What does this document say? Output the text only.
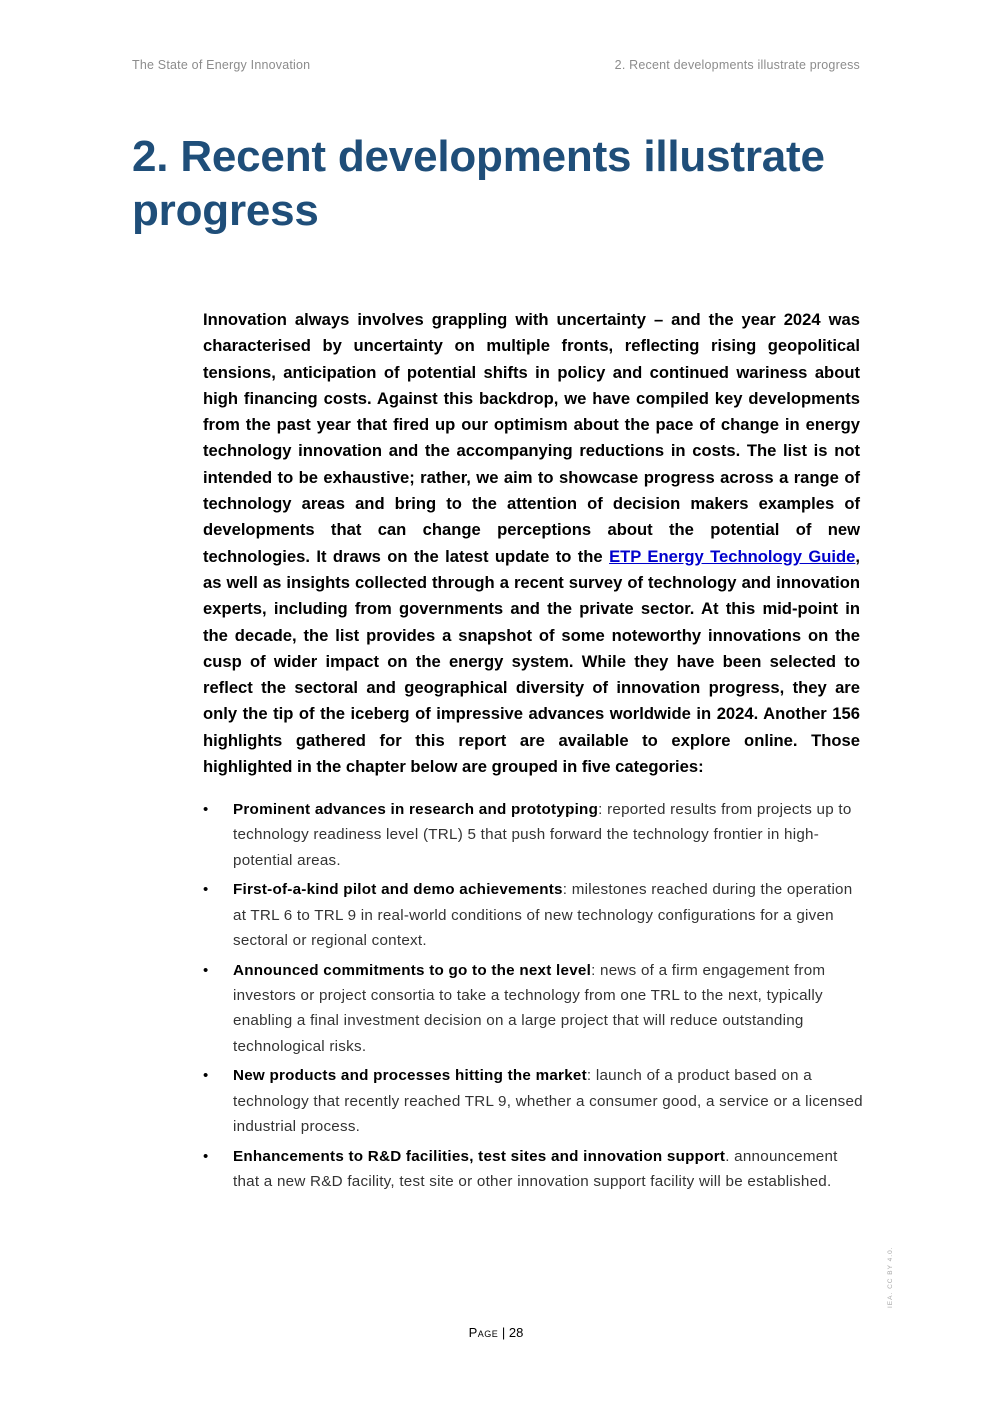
The State of Energy Innovation	2. Recent developments illustrate progress
2. Recent developments illustrate progress

Innovation always involves grappling with uncertainty – and the year 2024 was characterised by uncertainty on multiple fronts, reflecting rising geopolitical tensions, anticipation of potential shifts in policy and continued wariness about high financing costs. Against this backdrop, we have compiled key developments from the past year that fired up our optimism about the pace of change in energy technology innovation and the accompanying reductions in costs. The list is not intended to be exhaustive; rather, we aim to showcase progress across a range of technology areas and bring to the attention of decision makers examples of developments that can change perceptions about the potential of new technologies. It draws on the latest update to the ETP Energy Technology Guide, as well as insights collected through a recent survey of technology and innovation experts, including from governments and the private sector. At this mid-point in the decade, the list provides a snapshot of some noteworthy innovations on the cusp of wider impact on the energy system. While they have been selected to reflect the sectoral and geographical diversity of innovation progress, they are only the tip of the iceberg of impressive advances worldwide in 2024. Another 156 highlights gathered for this report are available to explore online. Those highlighted in the chapter below are grouped in five categories:

• Prominent advances in research and prototyping: reported results from projects up to technology readiness level (TRL) 5 that push forward the technology frontier in high-potential areas.
• First-of-a-kind pilot and demo achievements: milestones reached during the operation at TRL 6 to TRL 9 in real-world conditions of new technology configurations for a given sectoral or regional context.
• Announced commitments to go to the next level: news of a firm engagement from investors or project consortia to take a technology from one TRL to the next, typically enabling a final investment decision on a large project that will reduce outstanding technological risks.
• New products and processes hitting the market: launch of a product based on a technology that recently reached TRL 9, whether a consumer good, a service or a licensed industrial process.
• Enhancements to R&D facilities, test sites and innovation support. announcement that a new R&D facility, test site or other innovation support facility will be established.
Page | 28
IEA. CC BY 4.0.
